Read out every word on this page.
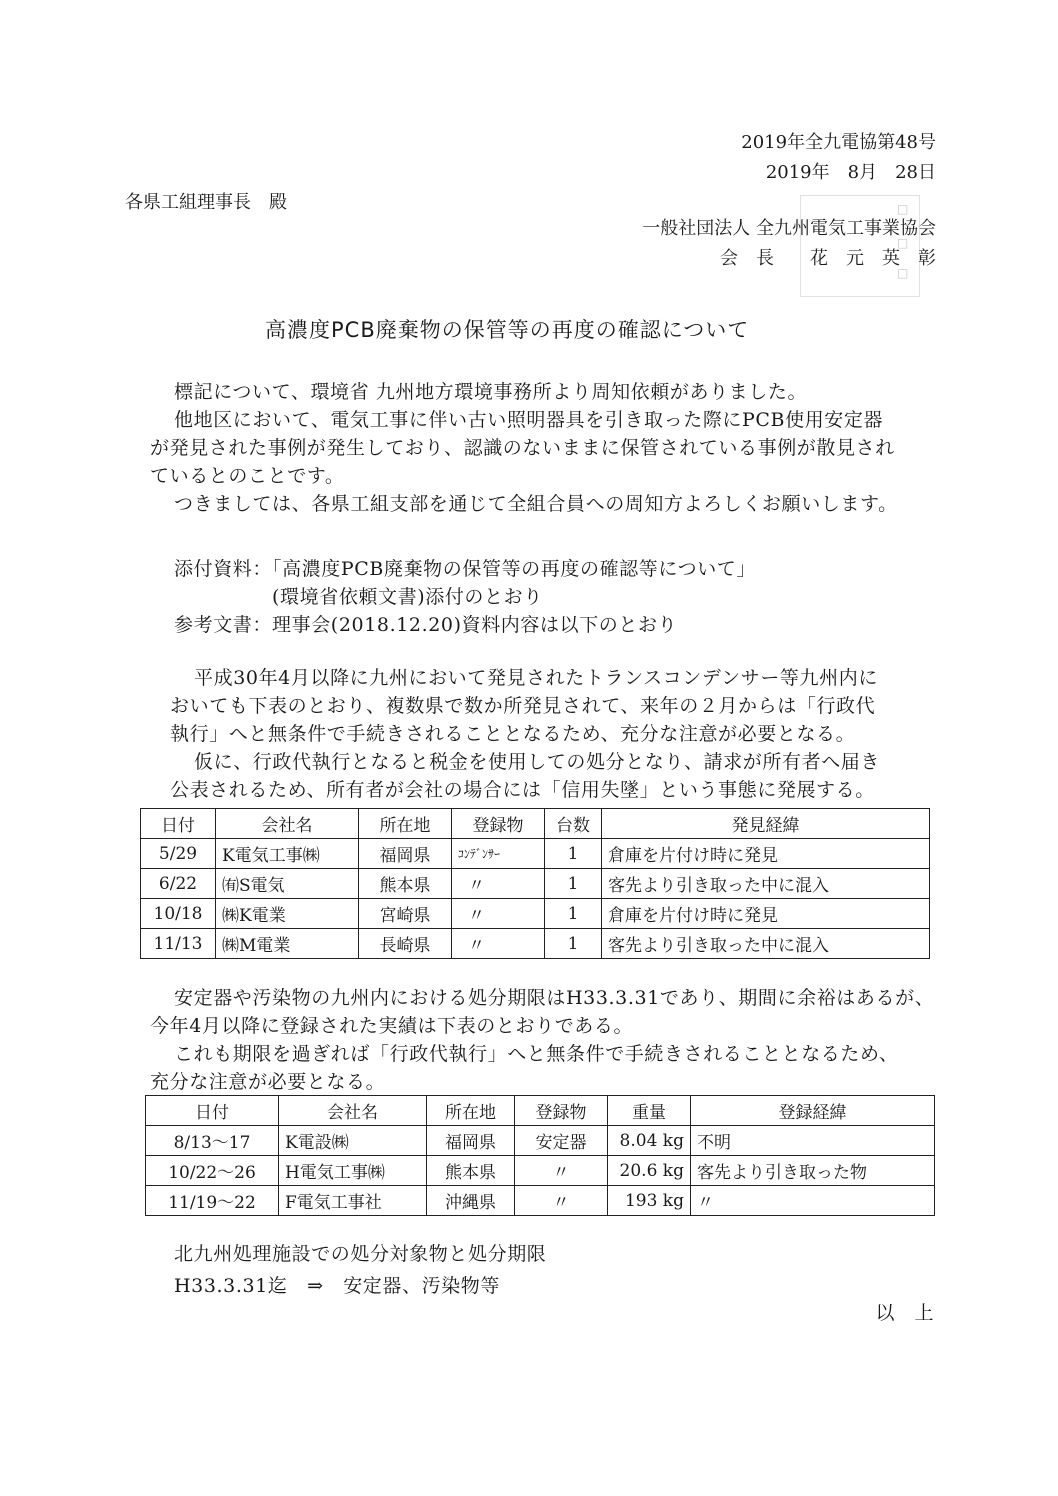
2019年全九電協第48号
2019年　8月　28日
各県工組理事長　殿
一般社団法人 全九州電気工事業協会
□
□
□
会　長　　花　元　英　彰
高濃度PCB廃棄物の保管等の再度の確認について

標記について、環境省 九州地方環境事務所より周知依頼がありました。

他地区において、電気工事に伴い古い照明器具を引き取った際にPCB使用安定器

が発見された事例が発生しており、認識のないままに保管されている事例が散見され

ているとのことです。

つきましては、各県工組支部を通じて全組合員への周知方よろしくお願いします。

添付資料：「高濃度PCB廃棄物の保管等の再度の確認等について」

(環境省依頼文書)添付のとおり

参考文書：理事会(2018.12.20)資料内容は以下のとおり

平成30年4月以降に九州において発見されたトランスコンデンサー等九州内に

おいても下表のとおり、複数県で数か所発見されて、来年の２月からは「行政代

執行」へと無条件で手続きされることとなるため、充分な注意が必要となる。

仮に、行政代執行となると税金を使用しての処分となり、請求が所有者へ届き

公表されるため、所有者が会社の場合には「信用失墜」という事態に発展する。

日付	会社名	所在地	登録物	台数	発見経緯
5/29	K電気工事㈱	福岡県	ｺﾝﾃﾞﾝｻｰ	1	倉庫を片付け時に発見
6/22	㈲S電気	熊本県	〃	1	客先より引き取った中に混入
10/18	㈱K電業	宮崎県	〃	1	倉庫を片付け時に発見
11/13	㈱M電業	長崎県	〃	1	客先より引き取った中に混入

安定器や汚染物の九州内における処分期限はH33.3.31であり、期間に余裕はあるが、

今年4月以降に登録された実績は下表のとおりである。

これも期限を過ぎれば「行政代執行」へと無条件で手続きされることとなるため、

充分な注意が必要となる。

日付	会社名	所在地	登録物	重量	登録経緯
8/13～17	K電設㈱	福岡県	安定器	8.04 kg	不明
10/22～26	H電気工事㈱	熊本県	〃	20.6 kg	客先より引き取った物
11/19～22	F電気工事社	沖縄県	〃	193 kg	〃

北九州処理施設での処分対象物と処分期限

H33.3.31迄　⇒　安定器、汚染物等

以　上
